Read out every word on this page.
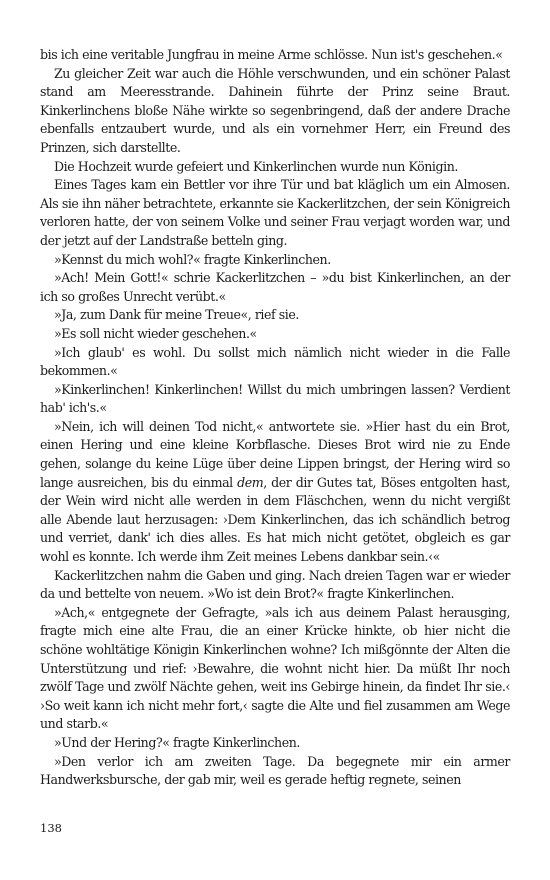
bis ich eine veritable Jungfrau in meine Arme schlösse. Nun ist's geschehen.«

Zu gleicher Zeit war auch die Höhle verschwunden, und ein schöner Palast stand am Meeresstrande. Dahinein führte der Prinz seine Braut. Kinkerlinchens bloße Nähe wirkte so segenbringend, daß der andere Drache ebenfalls entzaubert wurde, und als ein vornehmer Herr, ein Freund des Prinzen, sich darstellte.

Die Hochzeit wurde gefeiert und Kinkerlinchen wurde nun Königin.

Eines Tages kam ein Bettler vor ihre Tür und bat kläglich um ein Almosen. Als sie ihn näher betrachtete, erkannte sie Kackerlitzchen, der sein Königreich verloren hatte, der von seinem Volke und seiner Frau verjagt worden war, und der jetzt auf der Landstraße betteln ging.

»Kennst du mich wohl?« fragte Kinkerlinchen.

»Ach! Mein Gott!« schrie Kackerlitzchen – »du bist Kinkerlinchen, an der ich so großes Unrecht verübt.«

»Ja, zum Dank für meine Treue«, rief sie.

»Es soll nicht wieder geschehen.«

»Ich glaub' es wohl. Du sollst mich nämlich nicht wieder in die Falle bekommen.«

»Kinkerlinchen! Kinkerlinchen! Willst du mich umbringen lassen? Verdient hab' ich's.«

»Nein, ich will deinen Tod nicht,« antwortete sie. »Hier hast du ein Brot, einen Hering und eine kleine Korbflasche. Dieses Brot wird nie zu Ende gehen, solange du keine Lüge über deine Lippen bringst, der Hering wird so lange ausreichen, bis du einmal dem, der dir Gutes tat, Böses entgolten hast, der Wein wird nicht alle werden in dem Fläschchen, wenn du nicht vergißt alle Abende laut herzusagen: ›Dem Kinkerlinchen, das ich schändlich betrog und verriet, dank' ich dies alles. Es hat mich nicht getötet, obgleich es gar wohl es konnte. Ich werde ihm Zeit meines Lebens dankbar sein.‹«

Kackerlitzchen nahm die Gaben und ging. Nach dreien Tagen war er wieder da und bettelte von neuem. »Wo ist dein Brot?« fragte Kinkerlinchen.

»Ach,« entgegnete der Gefragte, »als ich aus deinem Palast herausging, fragte mich eine alte Frau, die an einer Krücke hinkte, ob hier nicht die schöne wohltätige Königin Kinkerlinchen wohne? Ich mißgönnte der Alten die Unterstützung und rief: ›Bewahre, die wohnt nicht hier. Da müßt Ihr noch zwölf Tage und zwölf Nächte gehen, weit ins Gebirge hinein, da findet Ihr sie.‹ ›So weit kann ich nicht mehr fort,‹ sagte die Alte und fiel zusammen am Wege und starb.«

»Und der Hering?« fragte Kinkerlinchen.

»Den verlor ich am zweiten Tage. Da begegnete mir ein armer Handwerksbursche, der gab mir, weil es gerade heftig regnete, seinen

138
